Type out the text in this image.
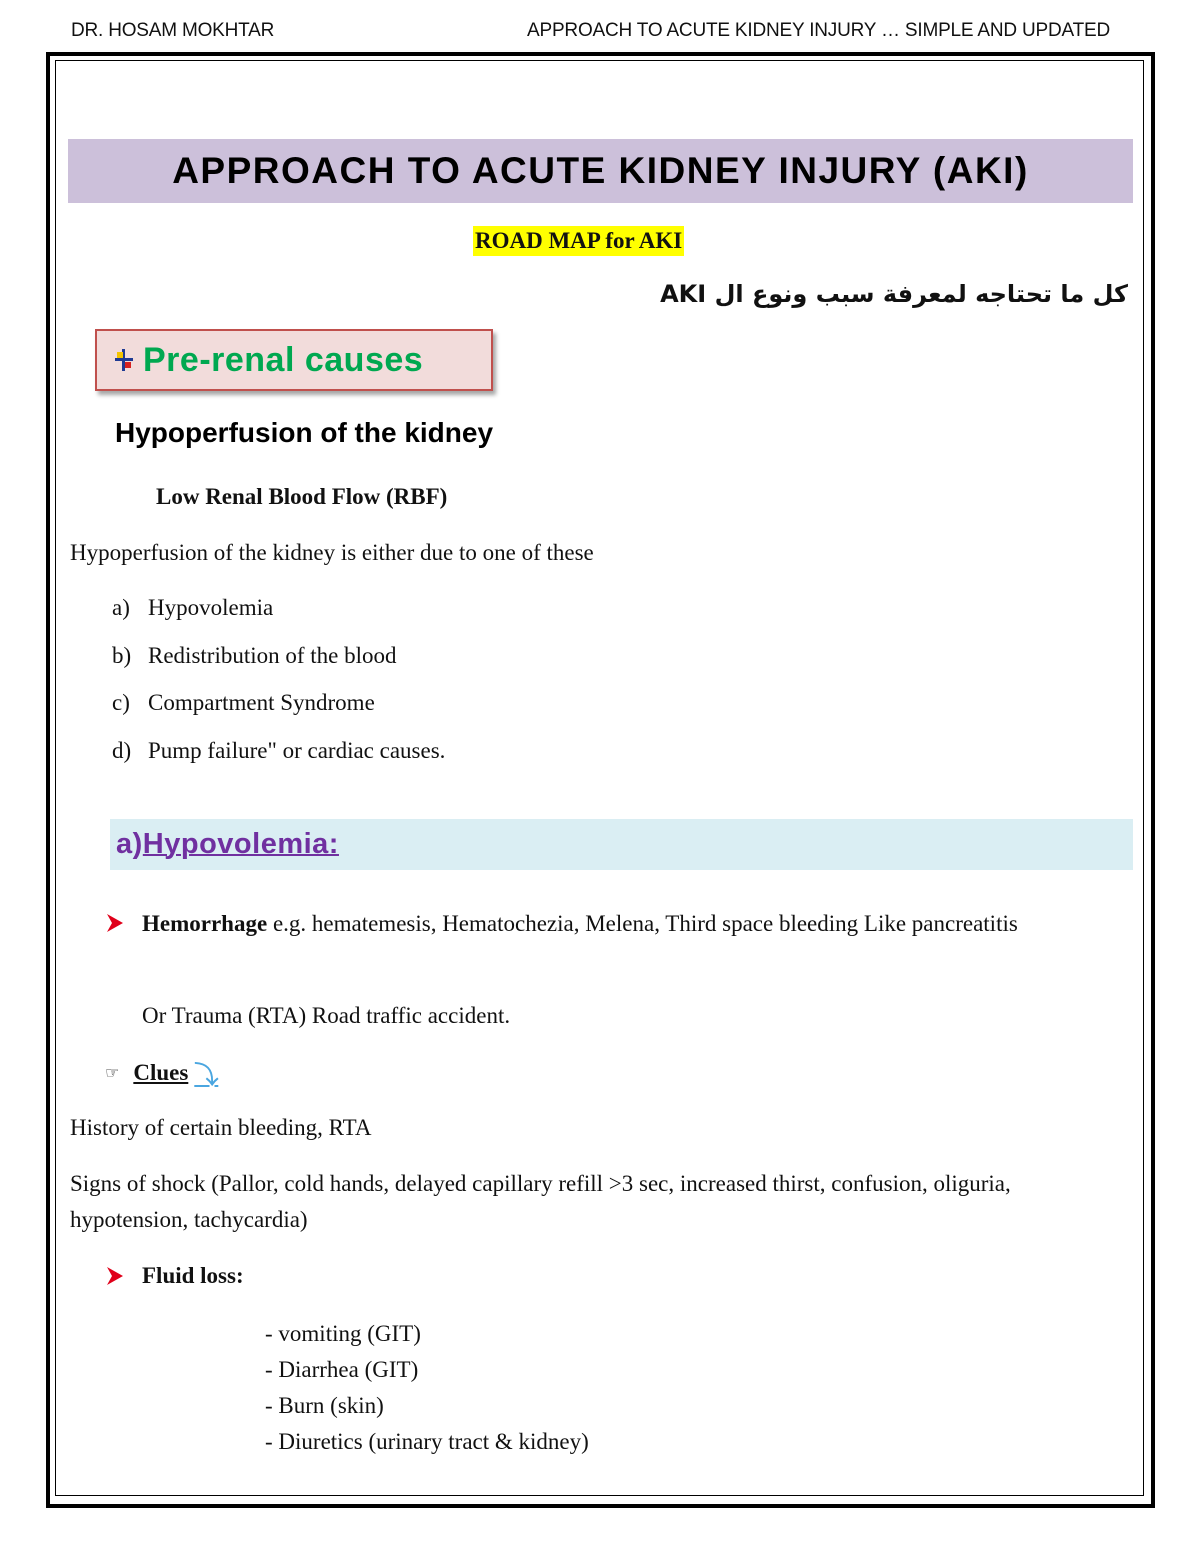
DR. HOSAM MOKHTAR	APPROACH TO ACUTE KIDNEY INJURY … SIMPLE AND UPDATED
APPROACH TO ACUTE KIDNEY INJURY (AKI)
ROAD MAP for AKI
كل ما تحتاجه لمعرفة سبب ونوع ال AKI
Pre-renal causes
Hypoperfusion of the kidney
Low Renal Blood Flow (RBF)
Hypoperfusion of the kidney is either due to one of these
a) Hypovolemia
b) Redistribution of the blood
c) Compartment Syndrome
d) Pump failure" or cardiac causes.
a)Hypovolemia:
Hemorrhage e.g. hematemesis, Hematochezia, Melena, Third space bleeding Like pancreatitis
Or Trauma (RTA) Road traffic accident.
☞ Clues ⤵
History of certain bleeding, RTA
Signs of shock (Pallor, cold hands, delayed capillary refill >3 sec, increased thirst, confusion, oliguria, hypotension, tachycardia)
Fluid loss:
- vomiting (GIT)
- Diarrhea (GIT)
- Burn (skin)
- Diuretics (urinary tract & kidney)
